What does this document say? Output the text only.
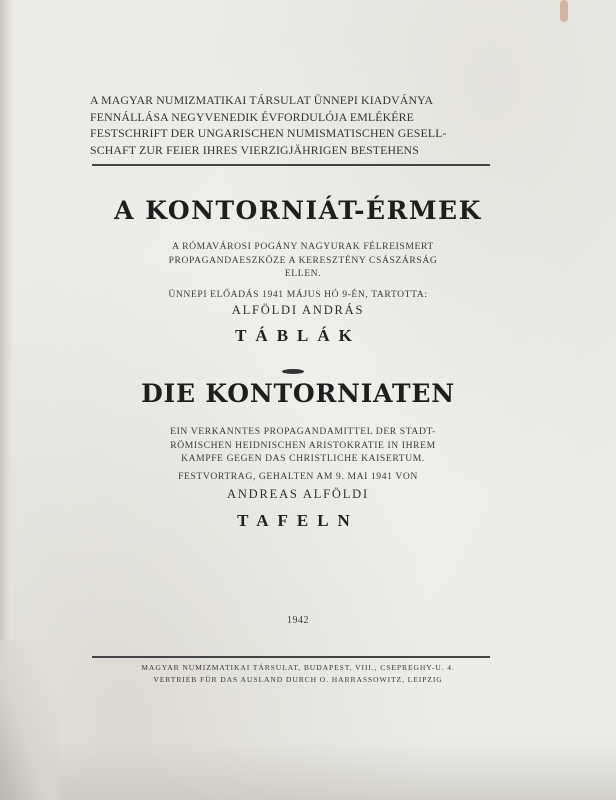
A MAGYAR NUMIZMATIKAI TÁRSULAT ÜNNEPI KIADVÁNYA
FENNÁLLÁSA NEGYVENEDIK ÉVFORDULÓJA EMLÉKÉRE
FESTSCHRIFT DER UNGARISCHEN NUMISMATISCHEN GESELL-
SCHAFT ZUR FEIER IHRES VIERZIGJÄHRIGEN BESTEHENS
A KONTORNIÁT-ÉRMEK
A RÓMAVÁROSI POGÁNY NAGYURAK FÉLREISMERT
PROPAGANDAESZKÖZE A KERESZTÉNY CSÁSZÁRSÁG
ELLEN.
ÜNNEPI ELŐADÁS 1941 MÁJUS HÓ 9-ÉN, TARTOTTA:
ALFÖLDI ANDRÁS
TÁBLÁK
DIE KONTORNIATEN
EIN VERKANNTES PROPAGANDAMITTEL DER STADT-
RÖMISCHEN HEIDNISCHEN ARISTOKRATIE IN IHREM
KAMPFE GEGEN DAS CHRISTLICHE KAISERTUM.
FESTVORTRAG, GEHALTEN AM 9. MAI 1941 VON
ANDREAS ALFÖLDI
TAFELN
1942
MAGYAR NUMIZMATIKAI TÁRSULAT, BUDAPEST, VIII., CSEPREGHY-U. 4.
VERTRIEB FÜR DAS AUSLAND DURCH O. HARRASSOWITZ, LEIPZIG
